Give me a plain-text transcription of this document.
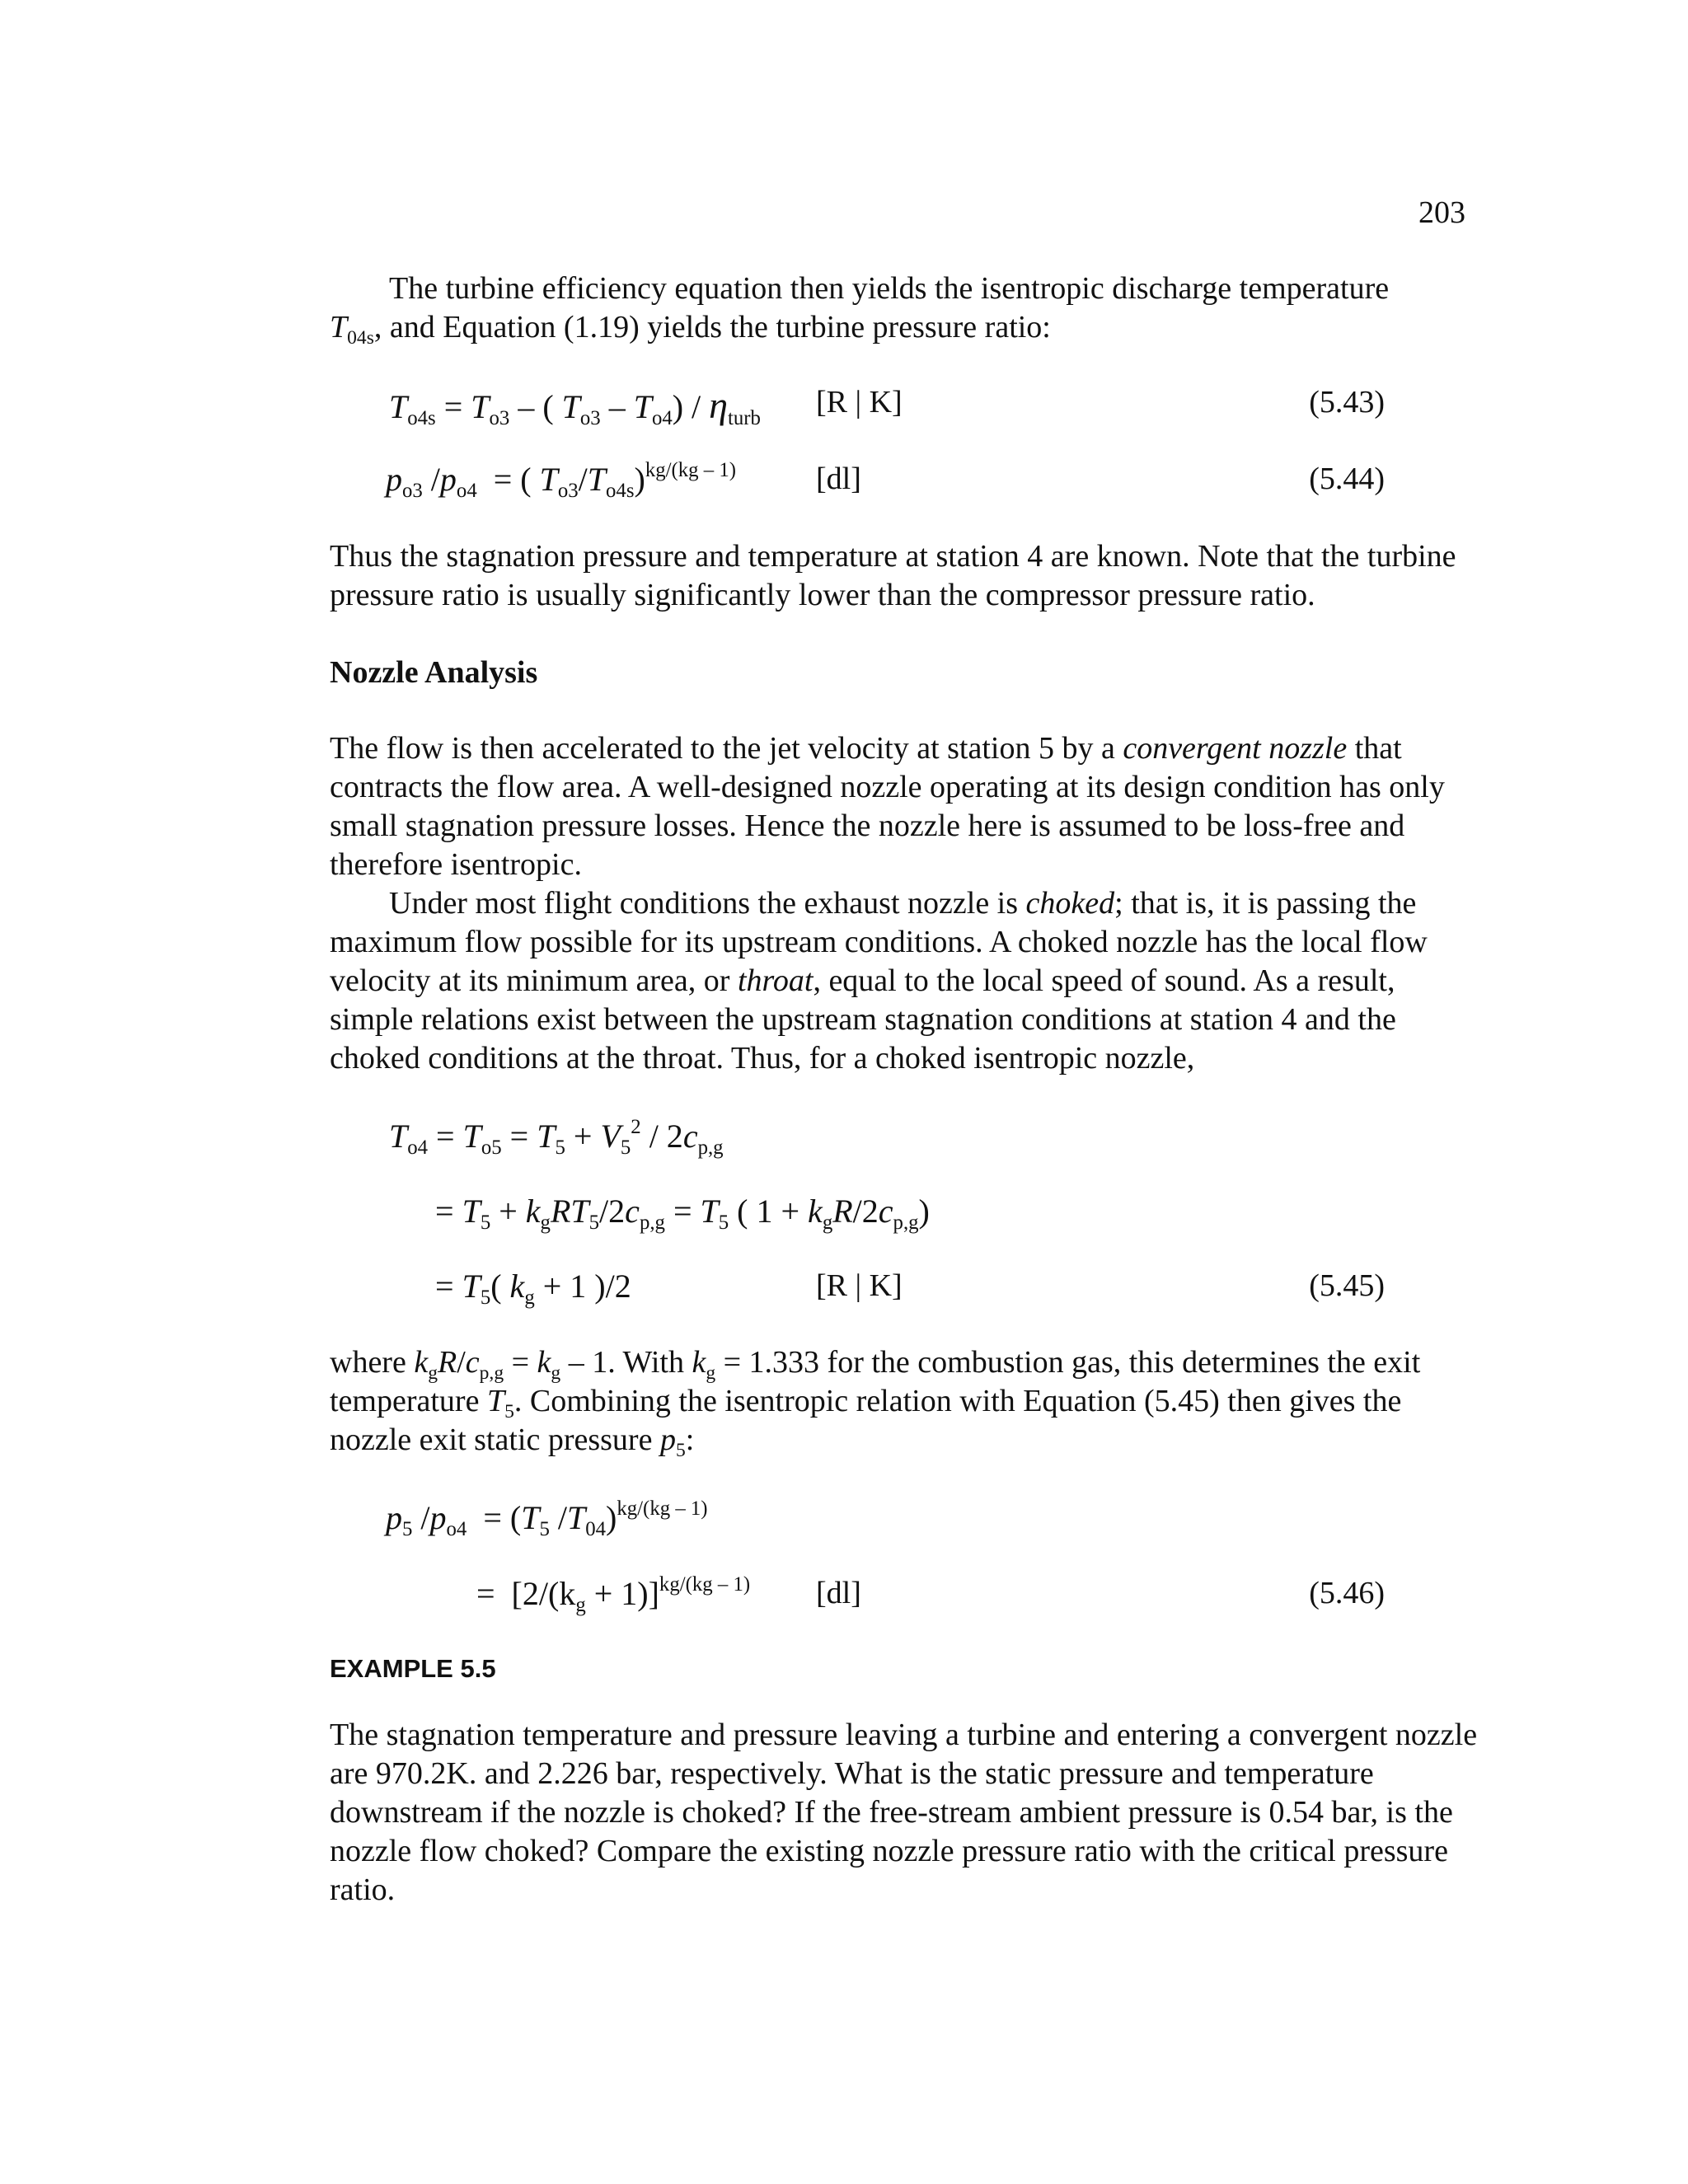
203

The turbine efficiency equation then yields the isentropic discharge temperature

$T_{04s}$, and Equation (1.19) yields the turbine pressure ratio:

$T_{o4s} = T_{o3}$ – ( $T_{o3} - T_{o4}) / \eta_{turb}$ [R | K]	(5.43)
$p_{o3}$ $/p_{o4}$  = ( $T_{o3}/T_{o4s})^{kg/(kg - 1)}$	[dl]	(5.44)

Thus the stagnation pressure and temperature at station 4 are known. Note that the turbine pressure ratio is usually significantly lower than the compressor pressure ratio.

Nozzle Analysis

The flow is then accelerated to the jet velocity at station 5 by a convergent nozzle that contracts the flow area. A well-designed nozzle operating at its design condition has only small stagnation pressure losses. Hence the nozzle here is assumed to be loss-free and therefore isentropic.

Under most flight conditions the exhaust nozzle is choked; that is, it is passing the maximum flow possible for its upstream conditions. A choked nozzle has the local flow velocity at its minimum area, or throat, equal to the local speed of sound. As a result, simple relations exist between the upstream stagnation conditions at station 4 and the choked conditions at the throat. Thus, for a choked isentropic nozzle,

$T_{o4} = T_{o5} = T_5 + V_5^2 / 2c_{p,g}$
= $T_5 + k_gRT_5/2c_{p,g} = T_5$ ( $1 + k_gR/2c_{p,g}$)
= $T_5$( $k_g + 1$ )/2	[R | K]	(5.45)

where $k_gR/c_{p,g} = k_g - 1$. With $k_g = 1.333$ for the combustion gas, this determines the exit temperature $T_5$. Combining the isentropic relation with Equation (5.45) then gives the nozzle exit static pressure $p_5$:

$p_5$ $/p_{o4} = (T_5$ $/T_{04})^{kg/(kg - 1)}$
=  $[2/(k_g + 1)]^{kg/(kg - 1)}$ [dl]	(5.46)
EXAMPLE 5.5

The stagnation temperature and pressure leaving a turbine and entering a convergent nozzle are 970.2K. and 2.226 bar, respectively. What is the static pressure and temperature downstream if the nozzle is choked? If the free-stream ambient pressure is 0.54 bar, is the nozzle flow choked? Compare the existing nozzle pressure ratio with the critical pressure ratio.
